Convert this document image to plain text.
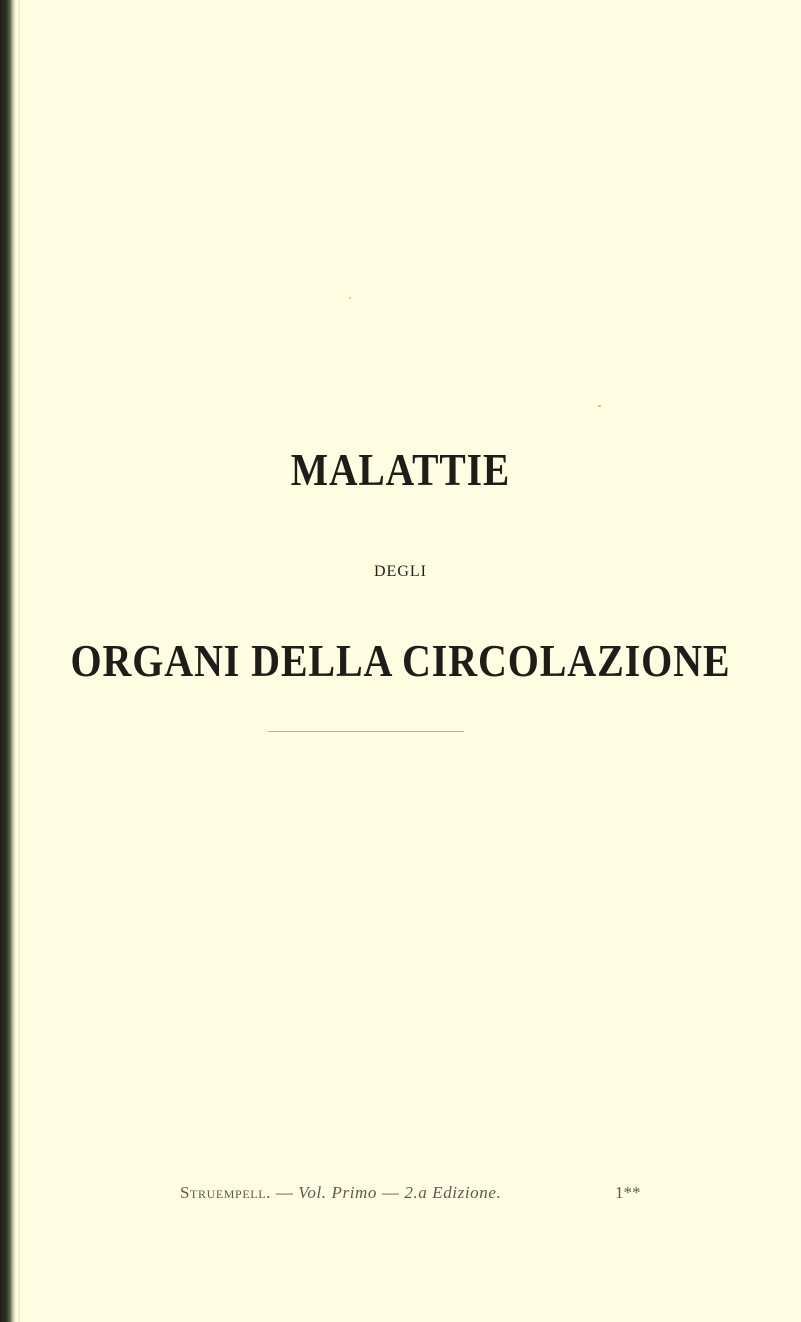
MALATTIE
DEGLI
ORGANI DELLA CIRCOLAZIONE
Struempell. — Vol. Primo — 2.a Edizione.	1**
